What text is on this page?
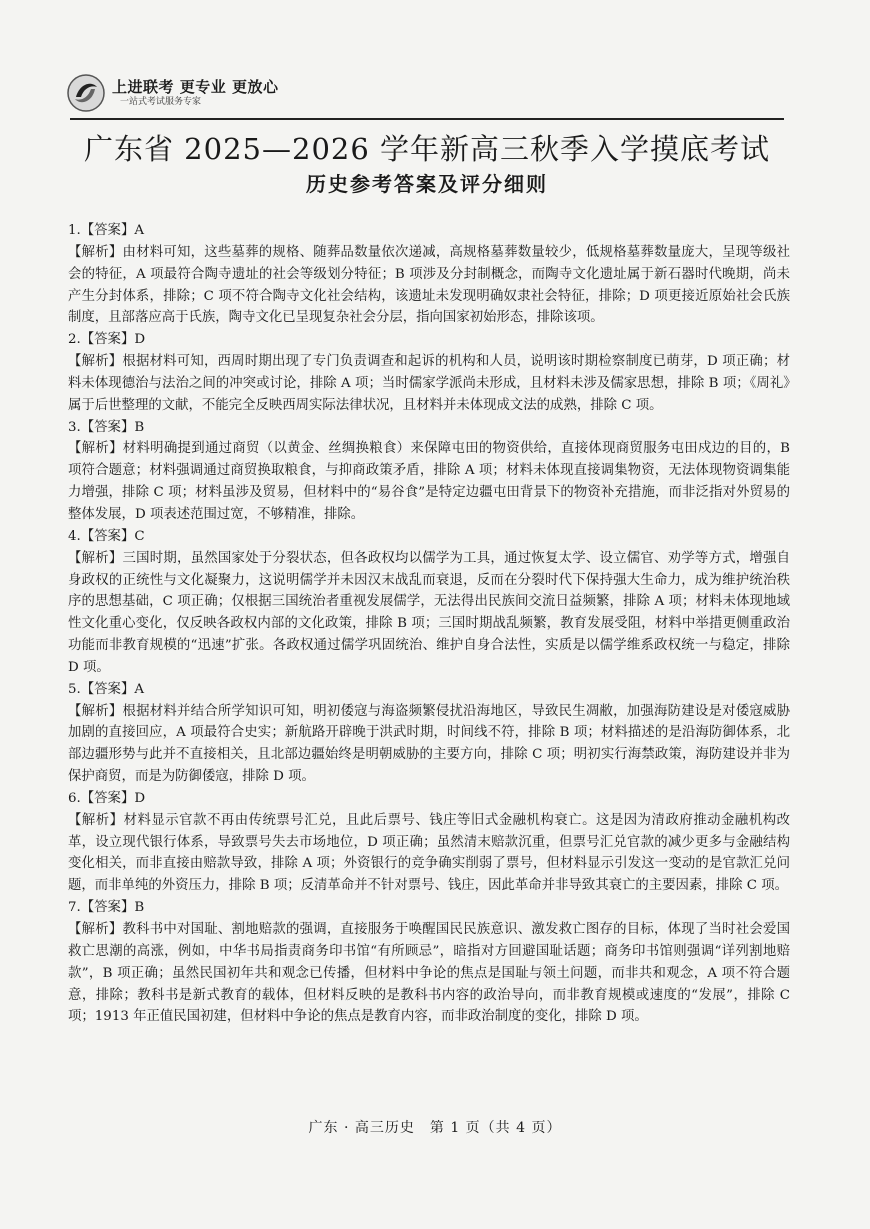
上进联考 更专业 更放心
一站式考试服务专家
广东省 2025—2026 学年新高三秋季入学摸底考试
历史参考答案及评分细则
1.【答案】A

【解析】由材料可知，这些墓葬的规格、随葬品数量依次递减，高规格墓葬数量较少，低规格墓葬数量庞大，呈现等级社会的特征，A 项最符合陶寺遗址的社会等级划分特征；B 项涉及分封制概念，而陶寺文化遗址属于新石器时代晚期，尚未产生分封体系，排除；C 项不符合陶寺文化社会结构，该遗址未发现明确奴隶社会特征，排除；D 项更接近原始社会氏族制度，且部落应高于氏族，陶寺文化已呈现复杂社会分层，指向国家初始形态，排除该项。

2.【答案】D

【解析】根据材料可知，西周时期出现了专门负责调查和起诉的机构和人员，说明该时期检察制度已萌芽，D 项正确；材料未体现德治与法治之间的冲突或讨论，排除 A 项；当时儒家学派尚未形成，且材料未涉及儒家思想，排除 B 项；《周礼》属于后世整理的文献，不能完全反映西周实际法律状况，且材料并未体现成文法的成熟，排除 C 项。

3.【答案】B

【解析】材料明确提到通过商贸（以黄金、丝绸换粮食）来保障屯田的物资供给，直接体现商贸服务屯田戍边的目的，B 项符合题意；材料强调通过商贸换取粮食，与抑商政策矛盾，排除 A 项；材料未体现直接调集物资，无法体现物资调集能力增强，排除 C 项；材料虽涉及贸易，但材料中的“易谷食”是特定边疆屯田背景下的物资补充措施，而非泛指对外贸易的整体发展，D 项表述范围过宽，不够精准，排除。

4.【答案】C

【解析】三国时期，虽然国家处于分裂状态，但各政权均以儒学为工具，通过恢复太学、设立儒官、劝学等方式，增强自身政权的正统性与文化凝聚力，这说明儒学并未因汉末战乱而衰退，反而在分裂时代下保持强大生命力，成为维护统治秩序的思想基础，C 项正确；仅根据三国统治者重视发展儒学，无法得出民族间交流日益频繁，排除 A 项；材料未体现地域性文化重心变化，仅反映各政权内部的文化政策，排除 B 项；三国时期战乱频繁，教育发展受阻，材料中举措更侧重政治功能而非教育规模的“迅速”扩张。各政权通过儒学巩固统治、维护自身合法性，实质是以儒学维系政权统一与稳定，排除 D 项。

5.【答案】A

【解析】根据材料并结合所学知识可知，明初倭寇与海盗频繁侵扰沿海地区，导致民生凋敝，加强海防建设是对倭寇威胁加剧的直接回应，A 项最符合史实；新航路开辟晚于洪武时期，时间线不符，排除 B 项；材料描述的是沿海防御体系，北部边疆形势与此并不直接相关，且北部边疆始终是明朝威胁的主要方向，排除 C 项；明初实行海禁政策，海防建设并非为保护商贸，而是为防御倭寇，排除 D 项。

6.【答案】D

【解析】材料显示官款不再由传统票号汇兑，且此后票号、钱庄等旧式金融机构衰亡。这是因为清政府推动金融机构改革，设立现代银行体系，导致票号失去市场地位，D 项正确；虽然清末赔款沉重，但票号汇兑官款的减少更多与金融结构变化相关，而非直接由赔款导致，排除 A 项；外资银行的竞争确实削弱了票号，但材料显示引发这一变动的是官款汇兑问题，而非单纯的外资压力，排除 B 项；反清革命并不针对票号、钱庄，因此革命并非导致其衰亡的主要因素，排除 C 项。

7.【答案】B

【解析】教科书中对国耻、割地赔款的强调，直接服务于唤醒国民民族意识、激发救亡图存的目标，体现了当时社会爱国救亡思潮的高涨，例如，中华书局指责商务印书馆“有所顾忌”，暗指对方回避国耻话题；商务印书馆则强调“详列割地赔款”，B 项正确；虽然民国初年共和观念已传播，但材料中争论的焦点是国耻与领土问题，而非共和观念，A 项不符合题意，排除；教科书是新式教育的载体，但材料反映的是教科书内容的政治导向，而非教育规模或速度的“发展”，排除 C 项；1913 年正值民国初建，但材料中争论的焦点是教育内容，而非政治制度的变化，排除 D 项。

广东 · 高三历史　第 1 页（共 4 页）
